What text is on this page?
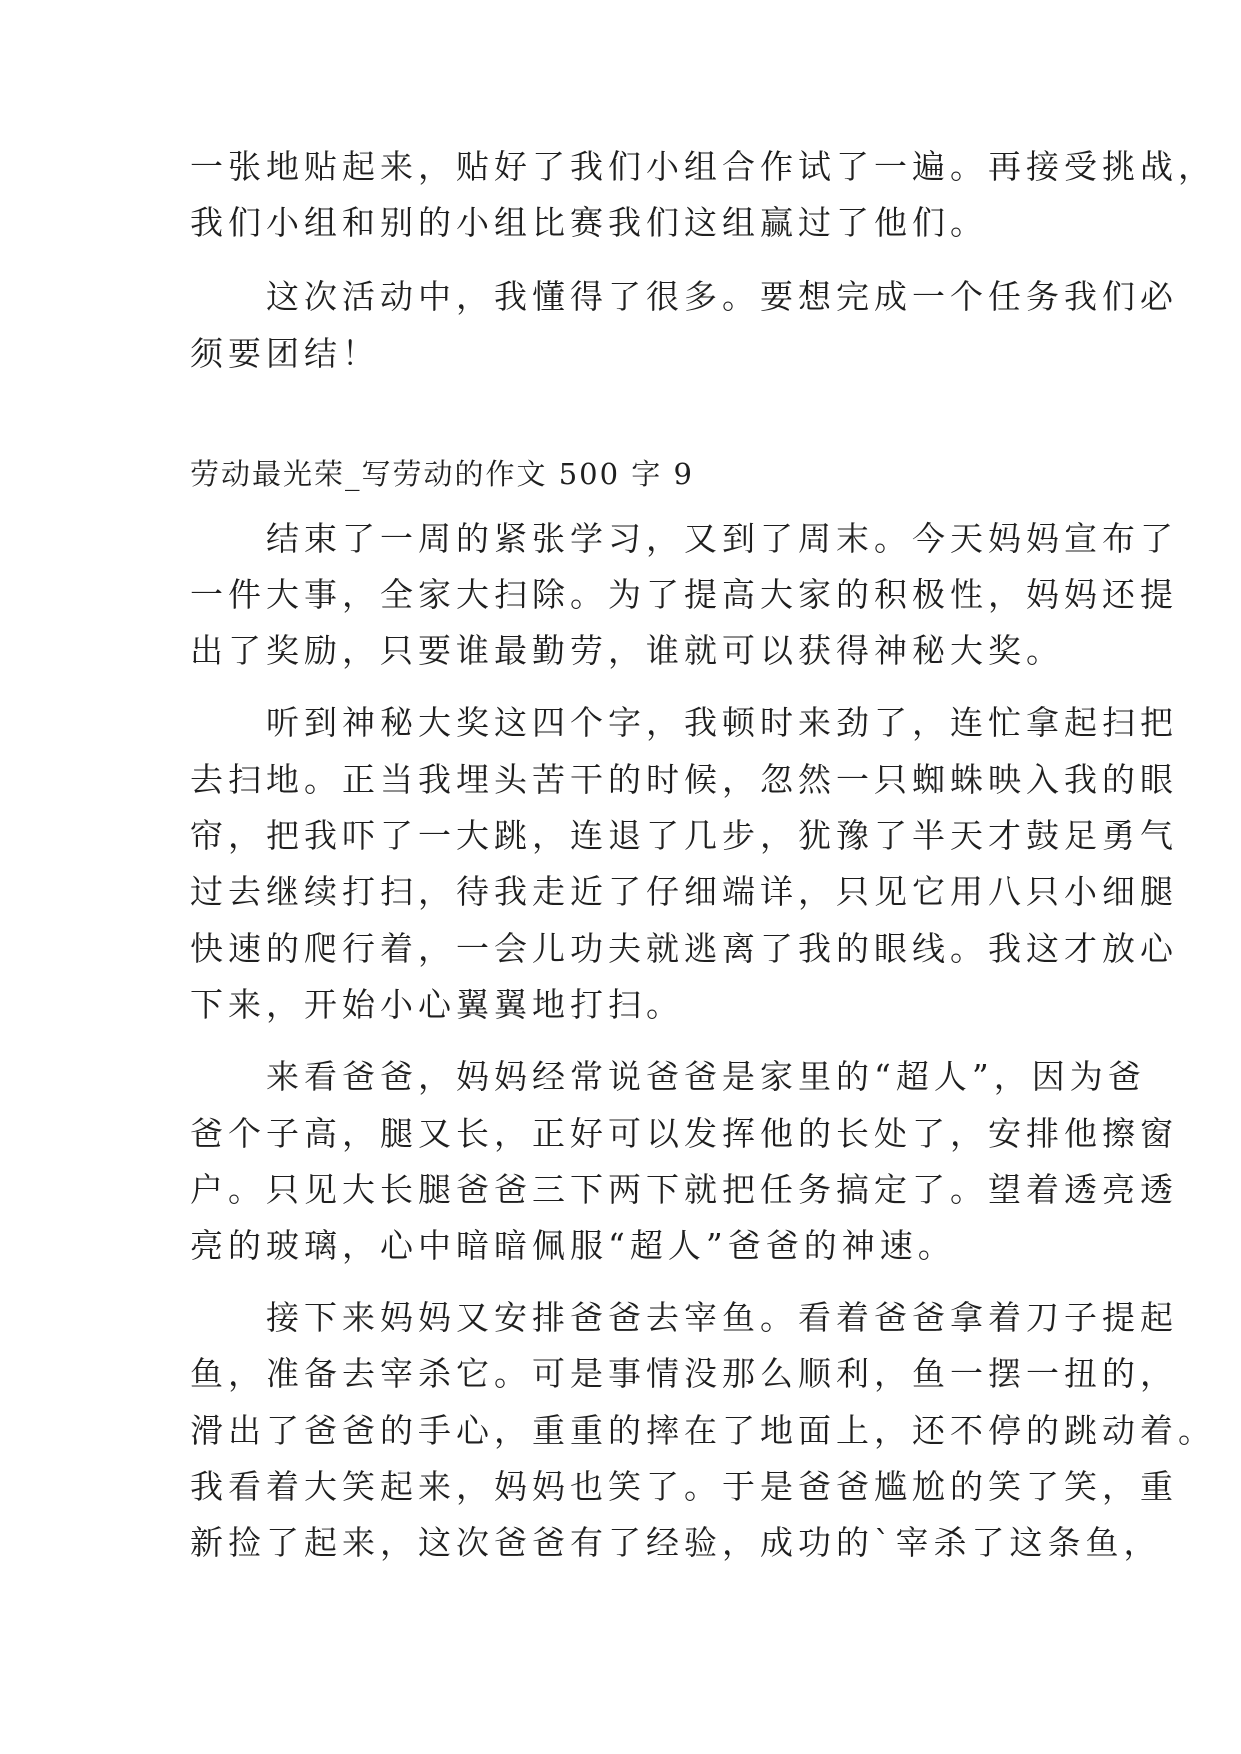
一张地贴起来，贴好了我们小组合作试了一遍。再接受挑战，

我们小组和别的小组比赛我们这组赢过了他们。

　　这次活动中，我懂得了很多。要想完成一个任务我们必

须要团结！

劳动最光荣_写劳动的作文 500 字 9

　　结束了一周的紧张学习，又到了周末。今天妈妈宣布了

一件大事，全家大扫除。为了提高大家的积极性，妈妈还提

出了奖励，只要谁最勤劳，谁就可以获得神秘大奖。

　　听到神秘大奖这四个字，我顿时来劲了，连忙拿起扫把

去扫地。正当我埋头苦干的时候，忽然一只蜘蛛映入我的眼

帘，把我吓了一大跳，连退了几步，犹豫了半天才鼓足勇气

过去继续打扫，待我走近了仔细端详，只见它用八只小细腿

快速的爬行着，一会儿功夫就逃离了我的眼线。我这才放心

下来，开始小心翼翼地打扫。

　　来看爸爸，妈妈经常说爸爸是家里的“超人”，因为爸

爸个子高，腿又长，正好可以发挥他的长处了，安排他擦窗

户。只见大长腿爸爸三下两下就把任务搞定了。望着透亮透

亮的玻璃，心中暗暗佩服“超人”爸爸的神速。

　　接下来妈妈又安排爸爸去宰鱼。看着爸爸拿着刀子提起

鱼，准备去宰杀它。可是事情没那么顺利，鱼一摆一扭的，

滑出了爸爸的手心，重重的摔在了地面上，还不停的跳动着。

我看着大笑起来，妈妈也笑了。于是爸爸尴尬的笑了笑，重

新捡了起来，这次爸爸有了经验，成功的`宰杀了这条鱼，
